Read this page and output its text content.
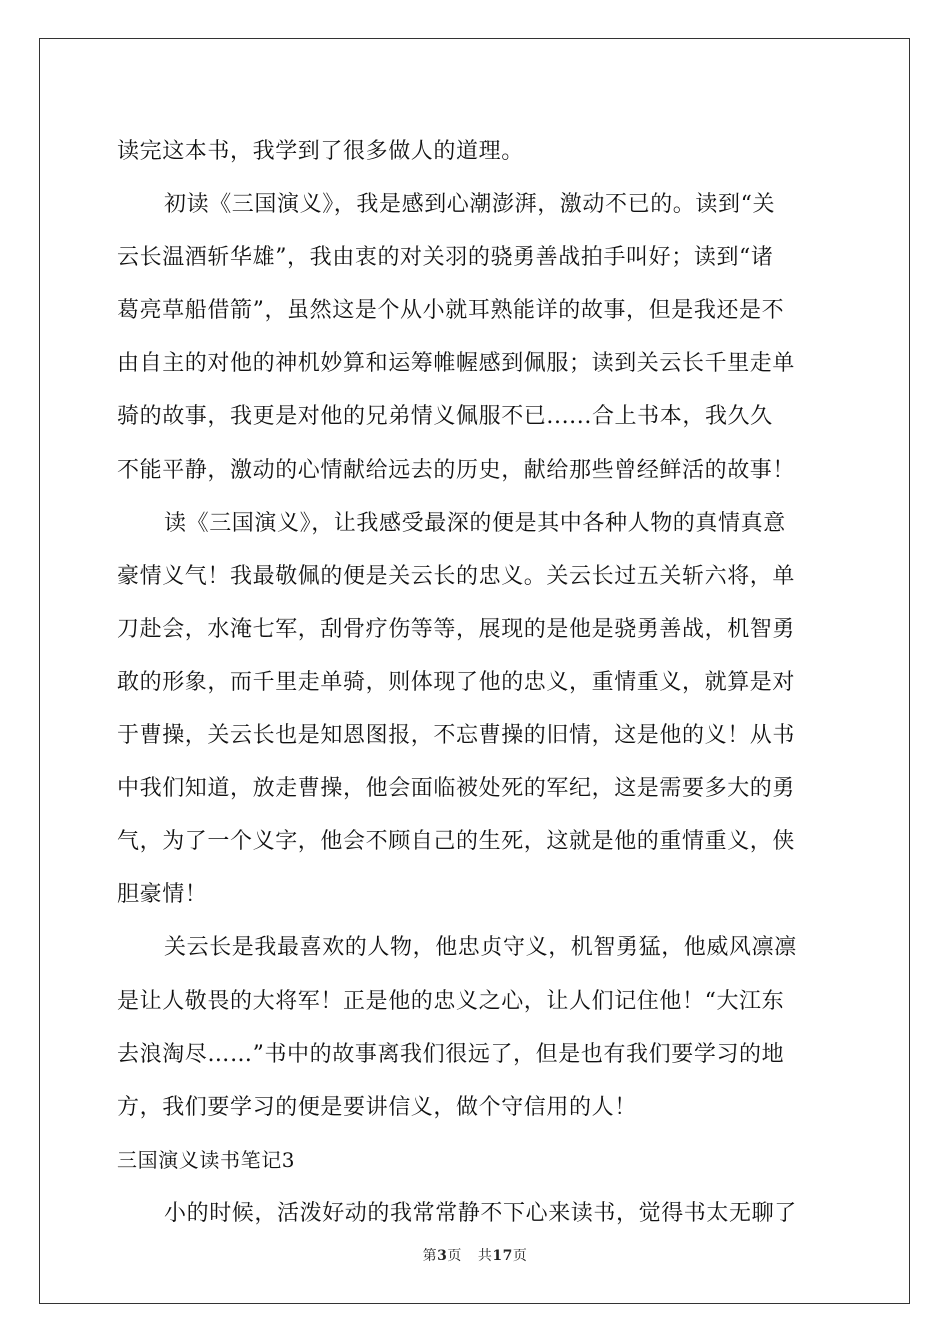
读完这本书，我学到了很多做人的道理。
初读《三国演义》，我是感到心潮澎湃，激动不已的。读到“关
云长温酒斩华雄”，我由衷的对关羽的骁勇善战拍手叫好；读到“诸
葛亮草船借箭”，虽然这是个从小就耳熟能详的故事，但是我还是不
由自主的对他的神机妙算和运筹帷幄感到佩服；读到关云长千里走单
骑的故事，我更是对他的兄弟情义佩服不已......合上书本，我久久
不能平静，激动的心情献给远去的历史，献给那些曾经鲜活的故事！
读《三国演义》，让我感受最深的便是其中各种人物的真情真意
豪情义气！我最敬佩的便是关云长的忠义。关云长过五关斩六将，单
刀赴会，水淹七军，刮骨疗伤等等，展现的是他是骁勇善战，机智勇
敢的形象，而千里走单骑，则体现了他的忠义，重情重义，就算是对
于曹操，关云长也是知恩图报，不忘曹操的旧情，这是他的义！从书
中我们知道，放走曹操，他会面临被处死的军纪，这是需要多大的勇
气，为了一个义字，他会不顾自己的生死，这就是他的重情重义，侠
胆豪情！
关云长是我最喜欢的人物，他忠贞守义，机智勇猛，他威风凛凛
是让人敬畏的大将军！正是他的忠义之心，让人们记住他！“大江东
去浪淘尽……”书中的故事离我们很远了，但是也有我们要学习的地
方，我们要学习的便是要讲信义，做个守信用的人！
三国演义读书笔记3
小的时候，活泼好动的我常常静不下心来读书，觉得书太无聊了
第3页 共17页
